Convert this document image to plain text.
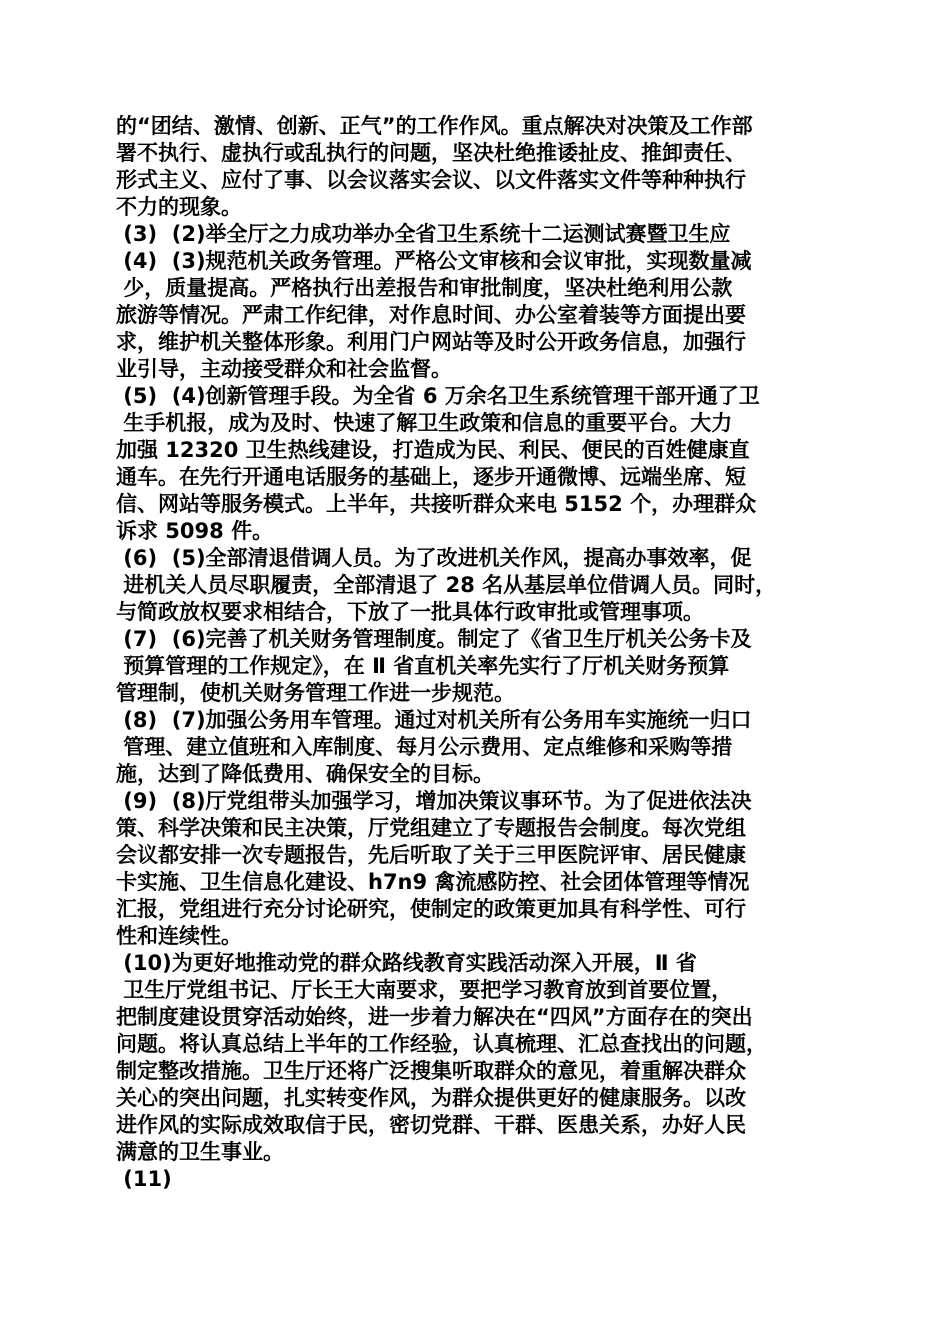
的“团结、激情、创新、正气”的工作作风。重点解决对决策及工作部
署不执行、虚执行或乱执行的问题，坚决杜绝推诿扯皮、推卸责任、
形式主义、应付了事、以会议落实会议、以文件落实文件等种种执行
不力的现象。
(3)  (2)举全厅之力成功举办全省卫生系统十二运测试赛暨卫生应
(4)  (3)规范机关政务管理。严格公文审核和会议审批，实现数量减
少，质量提高。严格执行出差报告和审批制度，坚决杜绝利用公款
旅游等情况。严肃工作纪律，对作息时间、办公室着装等方面提出要
求，维护机关整体形象。利用门户网站等及时公开政务信息，加强行
业引导，主动接受群众和社会监督。
(5)  (4)创新管理手段。为全省 6 万余名卫生系统管理干部开通了卫
生手机报，成为及时、快速了解卫生政策和信息的重要平台。大力
加强 12320 卫生热线建设，打造成为民、利民、便民的百姓健康直
通车。在先行开通电话服务的基础上，逐步开通微博、远端坐席、短
信、网站等服务模式。上半年，共接听群众来电 5152 个，办理群众
诉求 5098 件。
(6)  (5)全部清退借调人员。为了改进机关作风，提高办事效率，促
进机关人员尽职履责，全部清退了 28 名从基层单位借调人员。同时，
与简政放权要求相结合，下放了一批具体行政审批或管理事项。
(7)  (6)完善了机关财务管理制度。制定了《省卫生厅机关公务卡及
预算管理的工作规定》，在 Ⅱ 省直机关率先实行了厅机关财务预算
管理制，使机关财务管理工作进一步规范。
(8)  (7)加强公务用车管理。通过对机关所有公务用车实施统一归口
管理、建立值班和入库制度、每月公示费用、定点维修和采购等措
施，达到了降低费用、确保安全的目标。
(9)  (8)厅党组带头加强学习，增加决策议事环节。为了促进依法决
策、科学决策和民主决策，厅党组建立了专题报告会制度。每次党组
会议都安排一次专题报告，先后听取了关于三甲医院评审、居民健康
卡实施、卫生信息化建设、h7n9 禽流感防控、社会团体管理等情况
汇报，党组进行充分讨论研究，使制定的政策更加具有科学性、可行
性和连续性。
(10)为更好地推动党的群众路线教育实践活动深入开展，Ⅱ 省
卫生厅党组书记、厅长王大南要求，要把学习教育放到首要位置，
把制度建设贯穿活动始终，进一步着力解决在“四风”方面存在的突出
问题。将认真总结上半年的工作经验，认真梳理、汇总查找出的问题，
制定整改措施。卫生厅还将广泛搜集听取群众的意见，着重解决群众
关心的突出问题，扎实转变作风，为群众提供更好的健康服务。以改
进作风的实际成效取信于民，密切党群、干群、医患关系，办好人民
满意的卫生事业。
(11)
